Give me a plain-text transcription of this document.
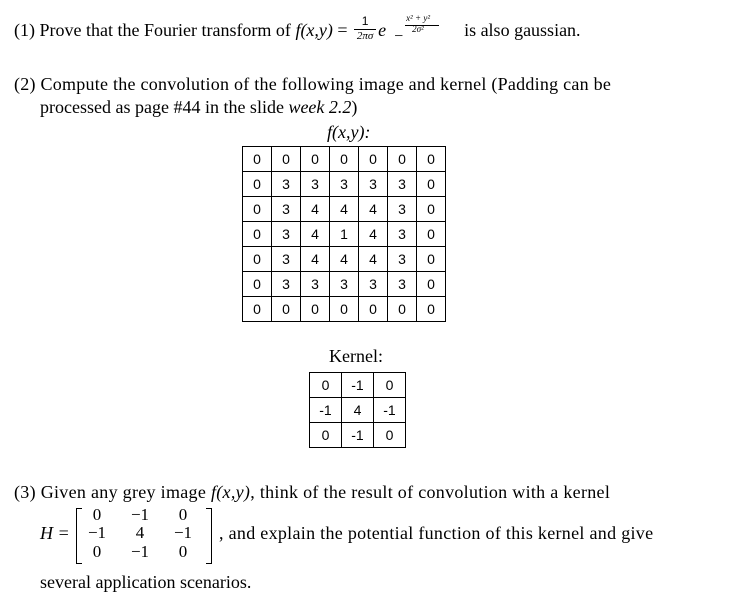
(1) Prove that the Fourier transform of $f(x,y) = \frac{1}{2\pi\sigma}$ e −
x² + y²
2σ² is also gaussian.
(2) Compute the convolution of the following image and kernel (Padding can be
processed as page #44 in the slide week 2.2)
f(x,y):
0	0	0	0	0	0	0
0	3	3	3	3	3	0
0	3	4	4	4	3	0
0	3	4	1	4	3	0
0	3	4	4	4	3	0
0	3	3	3	3	3	0
0	0	0	0	0	0	0
Kernel:
0	-1	0
-1	4	-1
0	-1	0
(3) Given any grey image f(x,y), think of the result of convolution with a kernel
H =
0	−1	0
−1	4	−1
0	−1	0
, and explain the potential function of this kernel and give
several application scenarios.
